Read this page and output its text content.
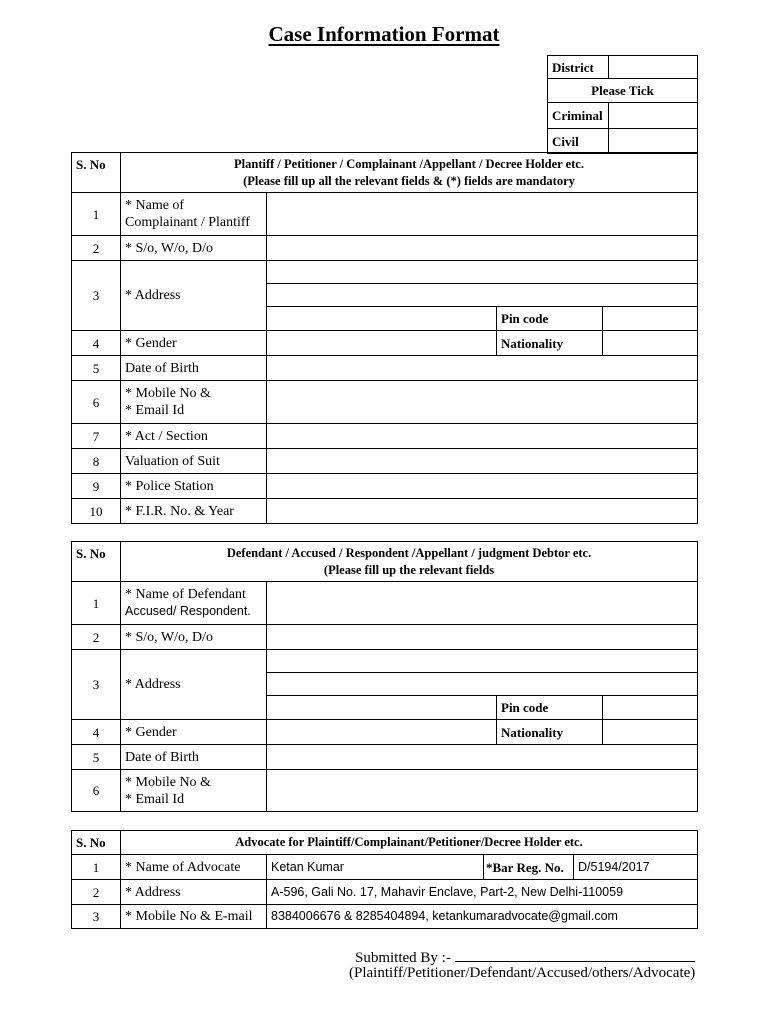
Case Information Format
District	
Please Tick	
Criminal	
Civil	
S. No	Plantiff / Petitioner / Complainant /Appellant / Decree Holder etc.
(Please fill up all the relevant fields & (*) fields are mandatory			

1	* Name of
Complainant / Plantiff			

2	* S/o, W/o, D/o			
3	* Address			

			Pin code	

4	* Gender		Nationality	
5	Date of Birth			
6	* Mobile No &
* Email Id			

7	* Act / Section			
8	Valuation of Suit			
9	* Police Station			
10	* F.I.R. No. & Year			
S. No	Defendant / Accused / Respondent /Appellant / judgment Debtor etc.
(Please fill up the relevant fields			

1	* Name of Defendant
Accused/ Respondent.			

2	* S/o, W/o, D/o			
3	* Address			

			Pin code	

4	* Gender		Nationality	
5	Date of Birth			
6	* Mobile No &
* Email Id			

S. No	Advocate for Plaintiff/Complainant/Petitioner/Decree Holder etc.			
1	* Name of Advocate	Ketan Kumar	*Bar Reg. No.	D/5194/2017
2	* Address	A-596, Gali No. 17, Mahavir Enclave, Part-2, New Delhi-110059		
3	* Mobile No & E-mail	8384006676 & 8285404894, ketankumaradvocate@gmail.com		
Submitted By :-
(Plaintiff/Petitioner/Defendant/Accused/others/Advocate)
